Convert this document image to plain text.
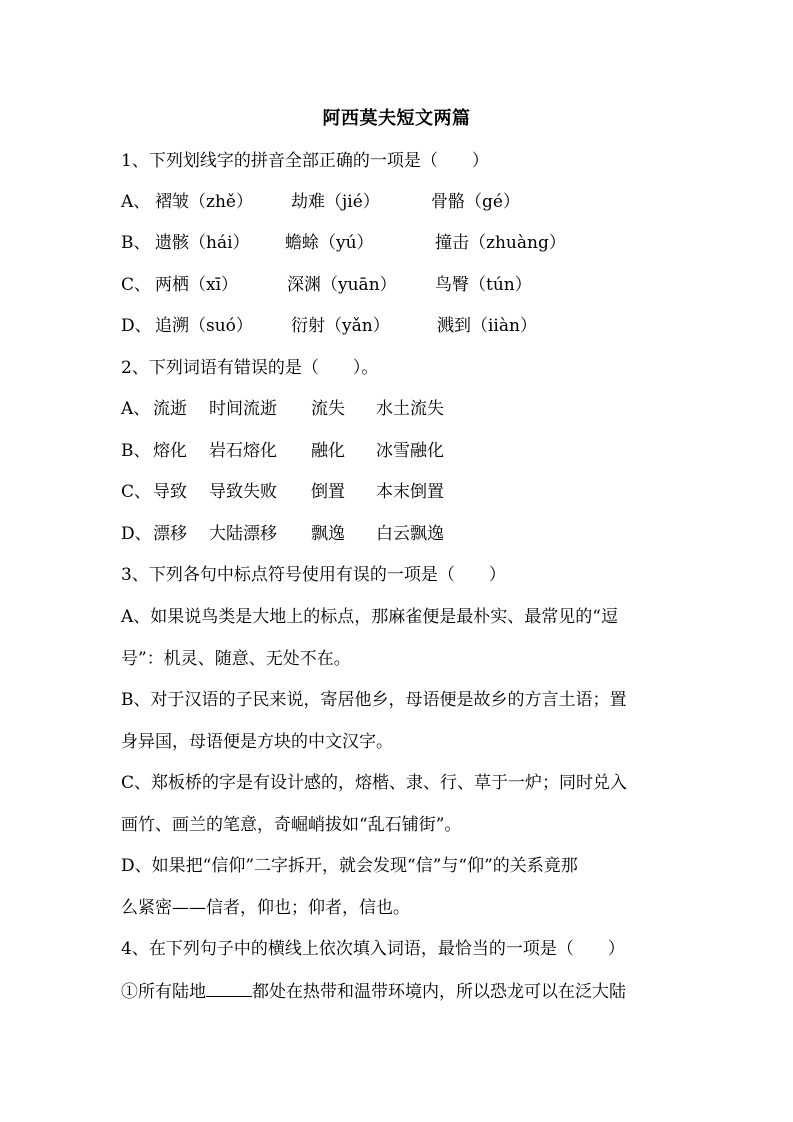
阿西莫夫短文两篇
1、下列划线字的拼音全部正确的一项是（　　）
A、 褶皱（zhě） 劫难（jié）	骨骼（gé）
B、 遗骸（hái） 蟾蜍（yú）	撞击（zhuàng）
C、 两栖（xī）	深渊（yuān） 鸟臀（tún）
D、 追溯（suó） 衍射（yǎn）	溅到（iiàn）
2、下列词语有错误的是（　　）。
A、 流逝 时间流逝 流失 水土流失
B、 熔化 岩石熔化 融化 冰雪融化
C、 导致 导致失败 倒置 本末倒置
D、 漂移 大陆漂移 飘逸 白云飘逸
3、下列各句中标点符号使用有误的一项是（　　）
A、如果说鸟类是大地上的标点，那麻雀便是最朴实、最常见的“逗
号”：机灵、随意、无处不在。
B、对于汉语的子民来说，寄居他乡，母语便是故乡的方言土语；置
身异国，母语便是方块的中文汉字。
C、郑板桥的字是有设计感的，熔楷、隶、行、草于一炉；同时兑入
画竹、画兰的笔意，奇崛峭拔如“乱石铺街”。
D、如果把“信仰”二字拆开，就会发现“信”与“仰”的关系竟那
么紧密——信者，仰也；仰者，信也。
4、在下列句子中的横线上依次填入词语，最恰当的一项是（　　）
①所有陆地	都处在热带和温带环境内，所以恐龙可以在泛大陆
